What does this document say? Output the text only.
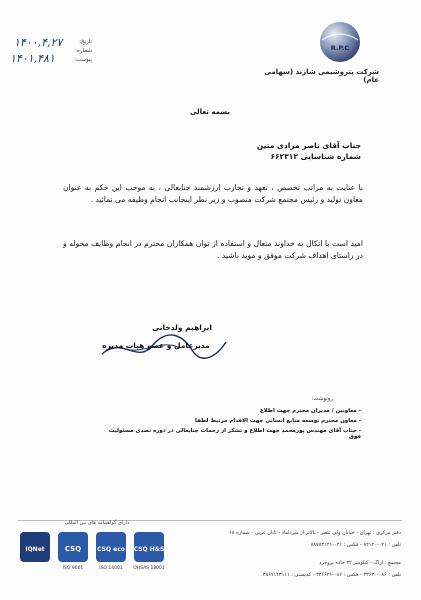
R.P.C
شرکت پتروشیمی شازند (سهامی عام)
تاریخ:
شماره:
پیوست:
۱۴۰۰,۴,۲۷
۱۴۰۱,۴۸۱
بسمه تعالی
جناب آقای ناصر مرادی متین
شماره شناسایی ۶۶۲۳۱۲
با عنایت به مراتب تخصص ، تعهد و تجارب ارزشمند جنابعالی ، به موجب این حکم به عنوان معاون تولید و رئیس مجتمع شرکت منصوب و زیر نظر اینجانب انجام وظیفه می نمائید .
امید است با اتکال به خداوند متعال و استفاده از توان همکاران محترم در انجام وظایف محوله و در راستای اهداف شرکت موفق و موید باشید .
ابراهیم ولدخانی
مدیرعامل و عضو هیات مدیره
رونوشت:
- معاونین / مدیران محترم جهت اطلاع
- معاون محترم توسعه منابع انسانی جهت الاقدام مرتبط لطفا
- جناب آقای مهندس پورمحمد جهت اطلاع و تشکر از زحمات جنابعالی در دوره تصدی مسئولیت فوق
دارای گواهینامه های بین المللی
IQNet	CSQ	CSQ eco CSQ H&S
ISO 9001	ISO 14001	OHSAS 18001
دفتر مرکزی : تهران - خیابان ولی عصر - بالاتر از میرداماد - تابان غربی - شماره ۶۸
تلفن : ۰۲۱-۸۲۱۲۰ - فکس : ۰۲۱-۸۸۷۸۲۱۲۱
مجتمع : اراک - کیلومتر ۲۲ جاده بروجرد
تلفن : ۰۸۶-۳۳۶۳۰ - فکس : ۰۸۶-۳۳۶۶۲۱ - کدپستی : ۳۸۶۷۱۴۳۱۱۱
